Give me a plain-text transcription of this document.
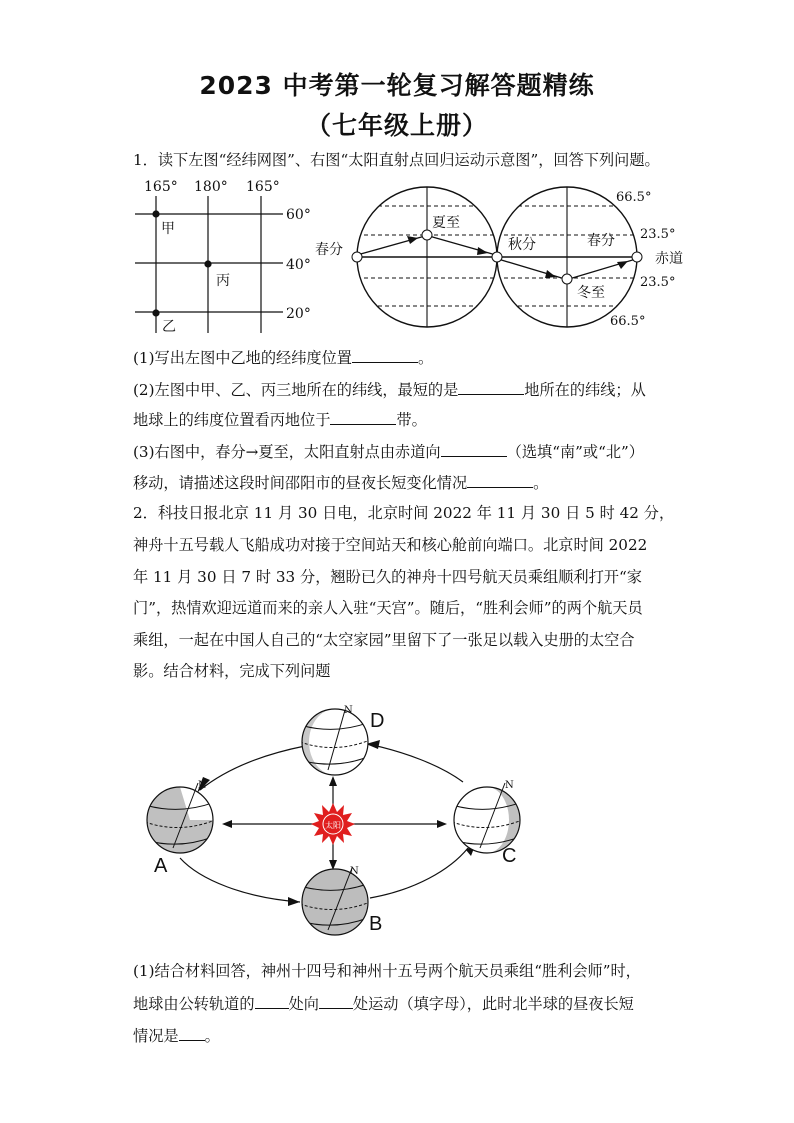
2023 中考第一轮复习解答题精练
（七年级上册）
1．读下左图“经纬网图”、右图“太阳直射点回归运动示意图”，回答下列问题。
165° 180° 165°
60°
40°
20°
甲
丙
乙
夏至
春分	秋分	春分
冬至
赤道
66.5°
23.5°
23.5°
66.5°
太阳
N
N	N
N
D
A	C
B
(1)写出左图中乙地的经纬度位置	。
(2)左图中甲、乙、丙三地所在的纬线，最短的是	地所在的纬线；从
地球上的纬度位置看丙地位于	带。
(3)右图中，春分→夏至，太阳直射点由赤道向	（选填“南”或“北”）
移动，请描述这段时间邵阳市的昼夜长短变化情况	。
2．科技日报北京 11 月 30 日电，北京时间 2022 年 11 月 30 日 5 时 42 分，
神舟十五号载人飞船成功对接于空间站天和核心舱前向端口。北京时间 2022
年 11 月 30 日 7 时 33 分，翘盼已久的神舟十四号航天员乘组顺利打开“家
门”，热情欢迎远道而来的亲人入驻“天宫”。随后，“胜利会师”的两个航天员
乘组，一起在中国人自己的“太空家园”里留下了一张足以载入史册的太空合
影。结合材料，完成下列问题
(1)结合材料回答，神州十四号和神州十五号两个航天员乘组“胜利会师”时，
地球由公转轨道的 处向 处运动（填字母），此时北半球的昼夜长短
情况是 。
